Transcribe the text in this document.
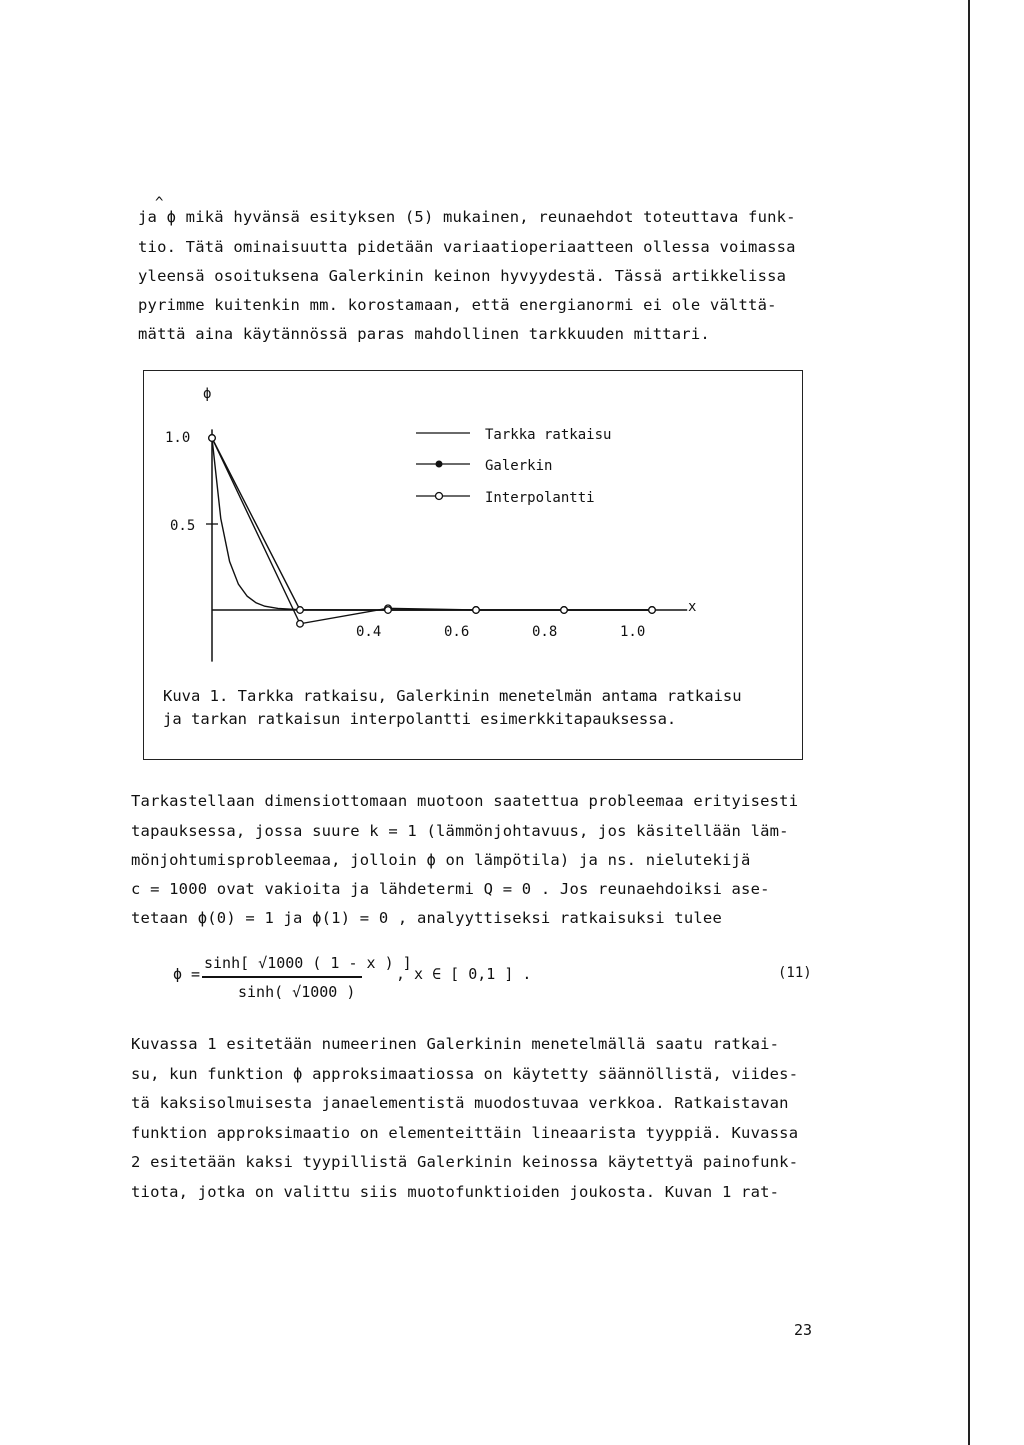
^
ja ϕ mikä hyvänsä esityksen (5) mukainen, reunaehdot toteuttava funk-
tio. Tätä ominaisuutta pidetään variaatioperiaatteen ollessa voimassa
yleensä osoituksena Galerkinin keinon hyvyydestä. Tässä artikkelissa
pyrimme kuitenkin mm. korostamaan, että energianormi ei ole välttä-
mättä aina käytännössä paras mahdollinen tarkkuuden mittari.
ϕ
1.0
0.5
0.4	0.6	0.8	1.0
x
Tarkka ratkaisu
Galerkin
Interpolantti
Kuva 1. Tarkka ratkaisu, Galerkinin menetelmän antama ratkaisu
ja tarkan ratkaisun interpolantti esimerkkitapauksessa.
Tarkastellaan dimensiottomaan muotoon saatettua probleemaa erityisesti
tapauksessa, jossa suure k = 1 (lämmönjohtavuus, jos käsitellään läm-
mönjohtumisprobleemaa, jolloin ϕ on lämpötila) ja ns. nielutekijä
c = 1000 ovat vakioita ja lähdetermi Q = 0 . Jos reunaehdoiksi ase-
tetaan ϕ(0) = 1 ja ϕ(1) = 0 , analyyttiseksi ratkaisuksi tulee
ϕ =
sinh[ √1000 ( 1 - x ) ]
sinh( √1000 )
, x ∈ [ 0,1 ] .	(11)
Kuvassa 1 esitetään numeerinen Galerkinin menetelmällä saatu ratkai-
su, kun funktion ϕ approksimaatiossa on käytetty säännöllistä, viides-
tä kaksisolmuisesta janaelementistä muodostuvaa verkkoa. Ratkaistavan
funktion approksimaatio on elementeittäin lineaarista tyyppiä. Kuvassa
2 esitetään kaksi tyypillistä Galerkinin keinossa käytettyä painofunk-
tiota, jotka on valittu siis muotofunktioiden joukosta. Kuvan 1 rat-
23
